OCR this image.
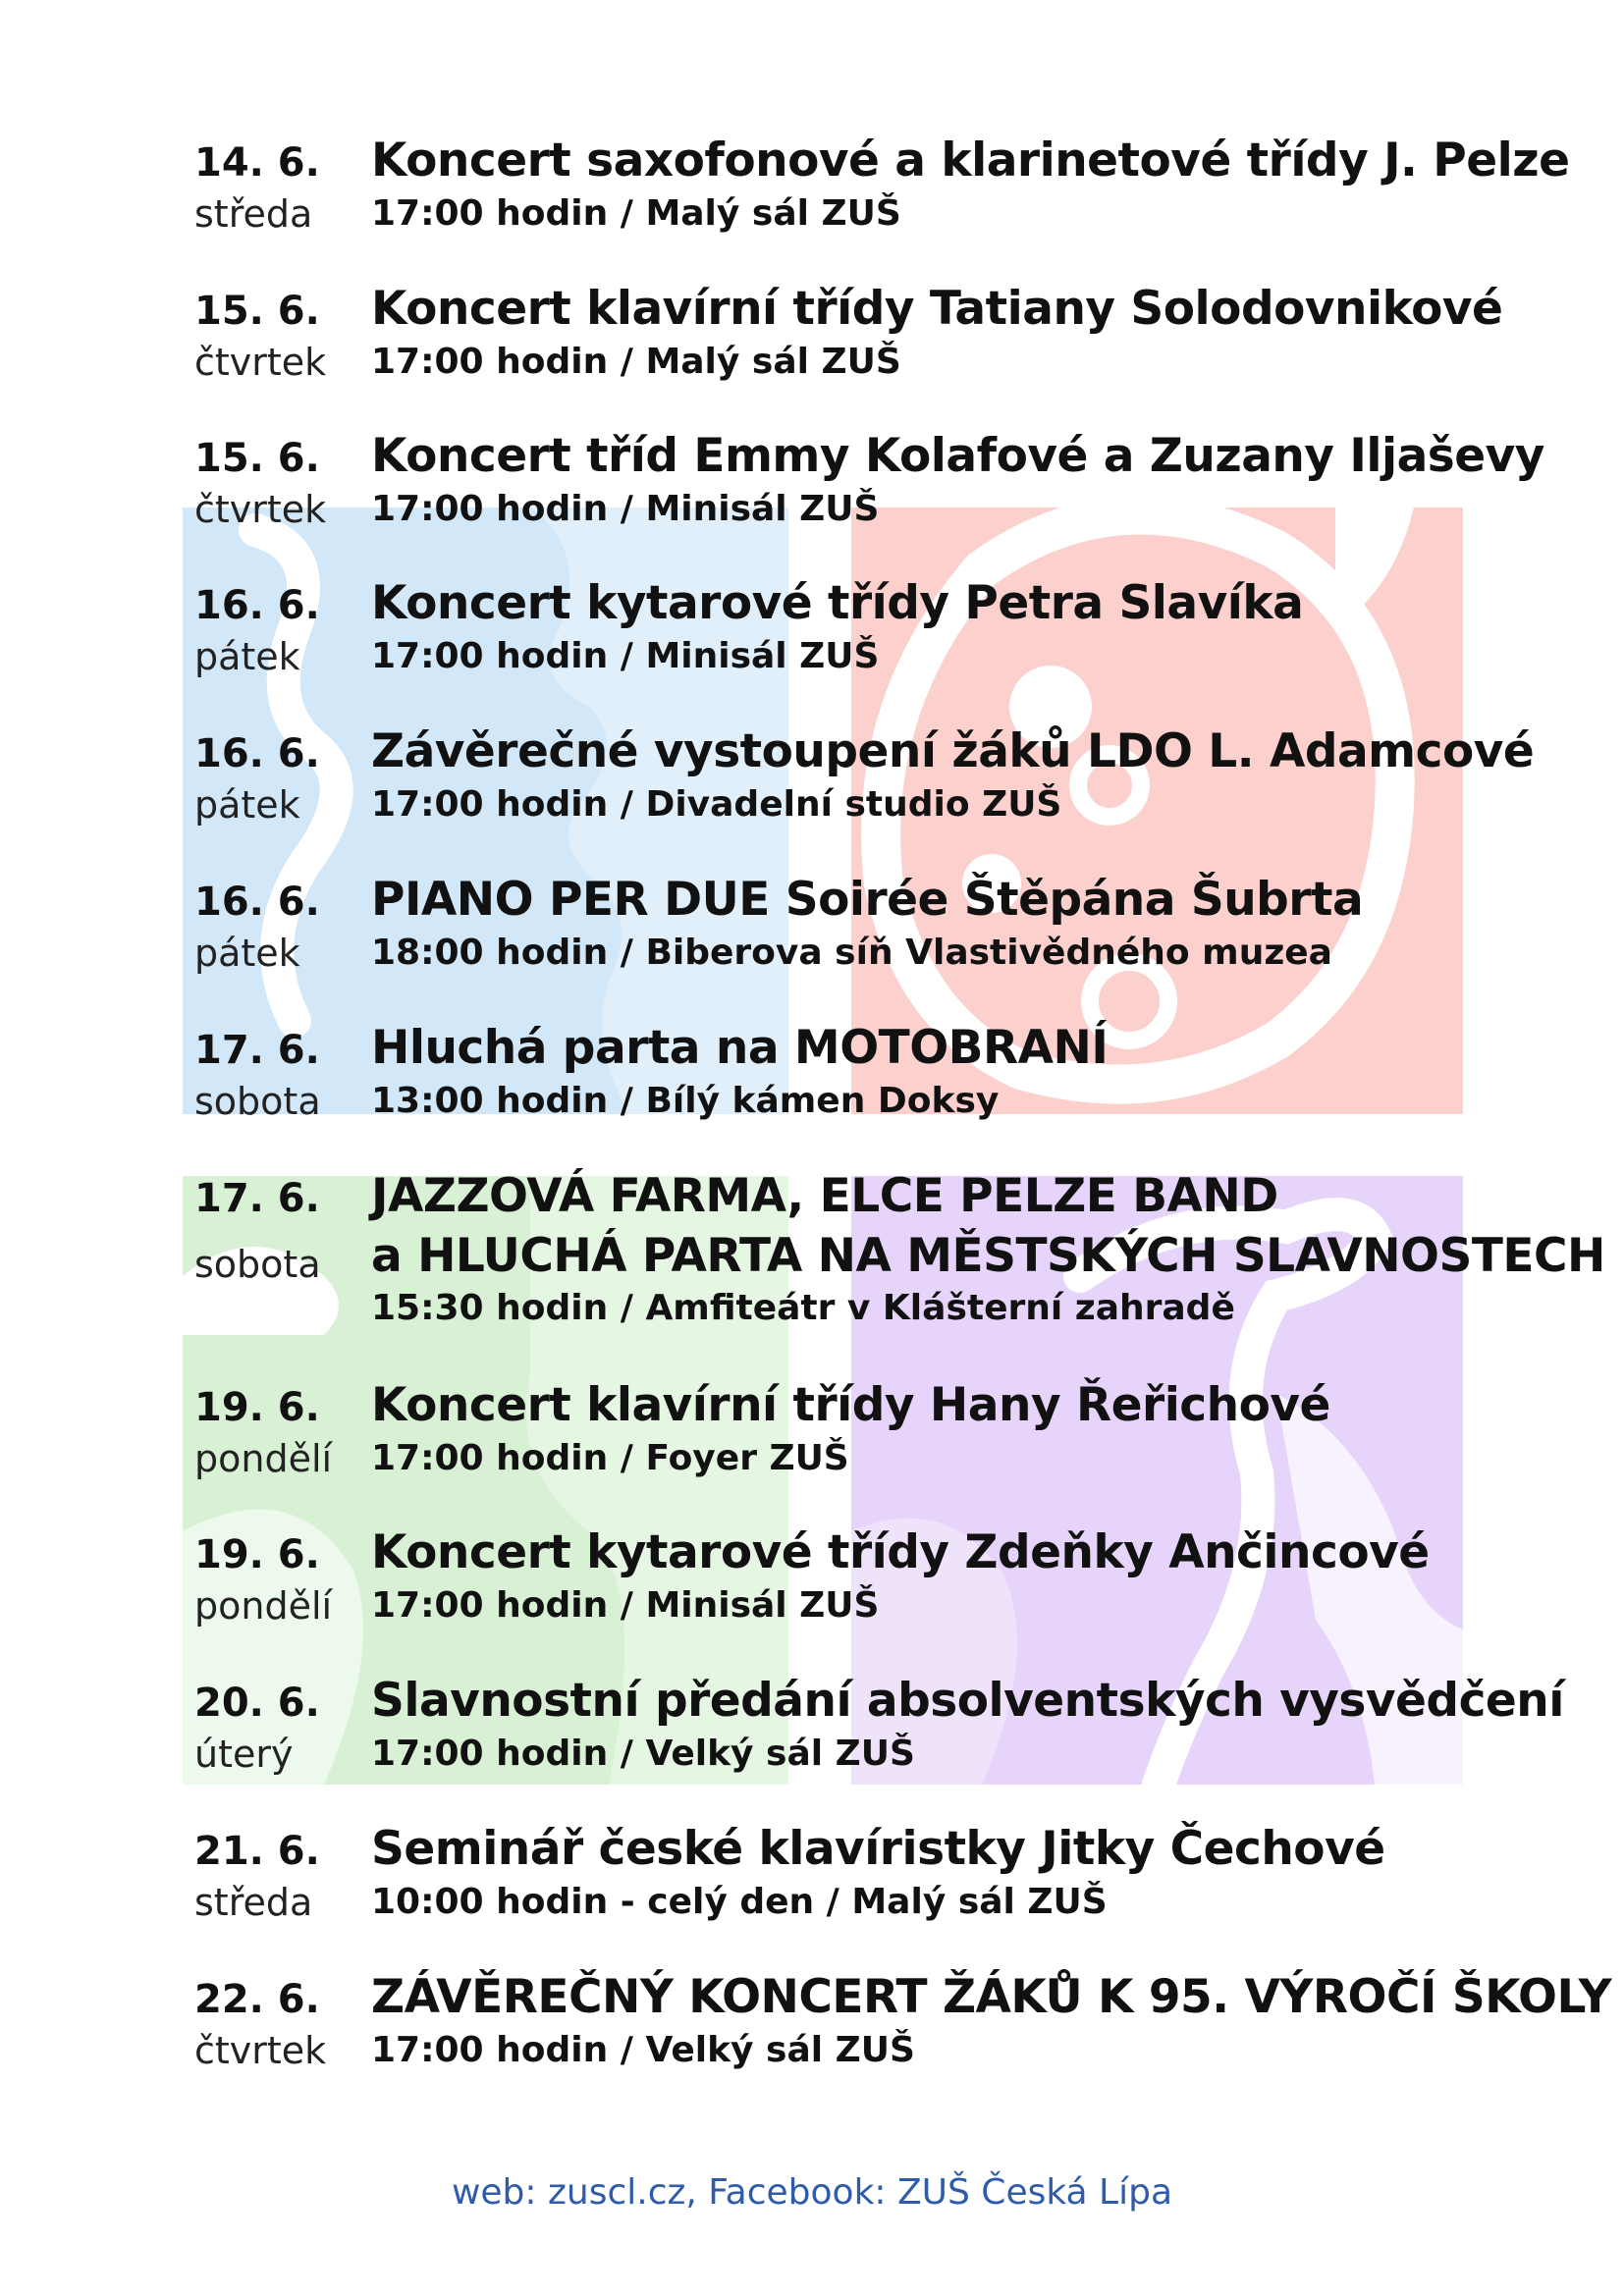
14. 6.
středa
Koncert saxofonové a klarinetové třídy J. Pelze
17:00 hodin / Malý sál ZUŠ
15. 6.
čtvrtek
Koncert klavírní třídy Tatiany Solodovnikové
17:00 hodin / Malý sál ZUŠ
15. 6.
čtvrtek
Koncert tříd Emmy Kolafové a Zuzany Iljaševy
17:00 hodin / Minisál ZUŠ
16. 6.
pátek
Koncert kytarové třídy Petra Slavíka
17:00 hodin / Minisál ZUŠ
16. 6.
pátek
Závěrečné vystoupení žáků LDO L. Adamcové
17:00 hodin / Divadelní studio ZUŠ
16. 6.
pátek
PIANO PER DUE Soirée Štěpána Šubrta
18:00 hodin / Biberova síň Vlastivědného muzea
17. 6.
sobota
Hluchá parta na MOTOBRANÍ
13:00 hodin / Bílý kámen Doksy
17. 6.
sobota
JAZZOVÁ FARMA, ELCE PELZE BAND
a HLUCHÁ PARTA NA MĚSTSKÝCH SLAVNOSTECH
15:30 hodin / Amfiteátr v Klášterní zahradě
19. 6.
pondělí
Koncert klavírní třídy Hany Řeřichové
17:00 hodin / Foyer ZUŠ
19. 6.
pondělí
Koncert kytarové třídy Zdeňky Ančincové
17:00 hodin / Minisál ZUŠ
20. 6.
úterý
Slavnostní předání absolventských vysvědčení
17:00 hodin / Velký sál ZUŠ
21. 6.
středa
Seminář české klavíristky Jitky Čechové
10:00 hodin - celý den / Malý sál ZUŠ
22. 6.
čtvrtek
ZÁVĚREČNÝ KONCERT ŽÁKŮ K 95. VÝROČÍ ŠKOLY
17:00 hodin / Velký sál ZUŠ
web: zuscl.cz, Facebook: ZUŠ Česká Lípa
